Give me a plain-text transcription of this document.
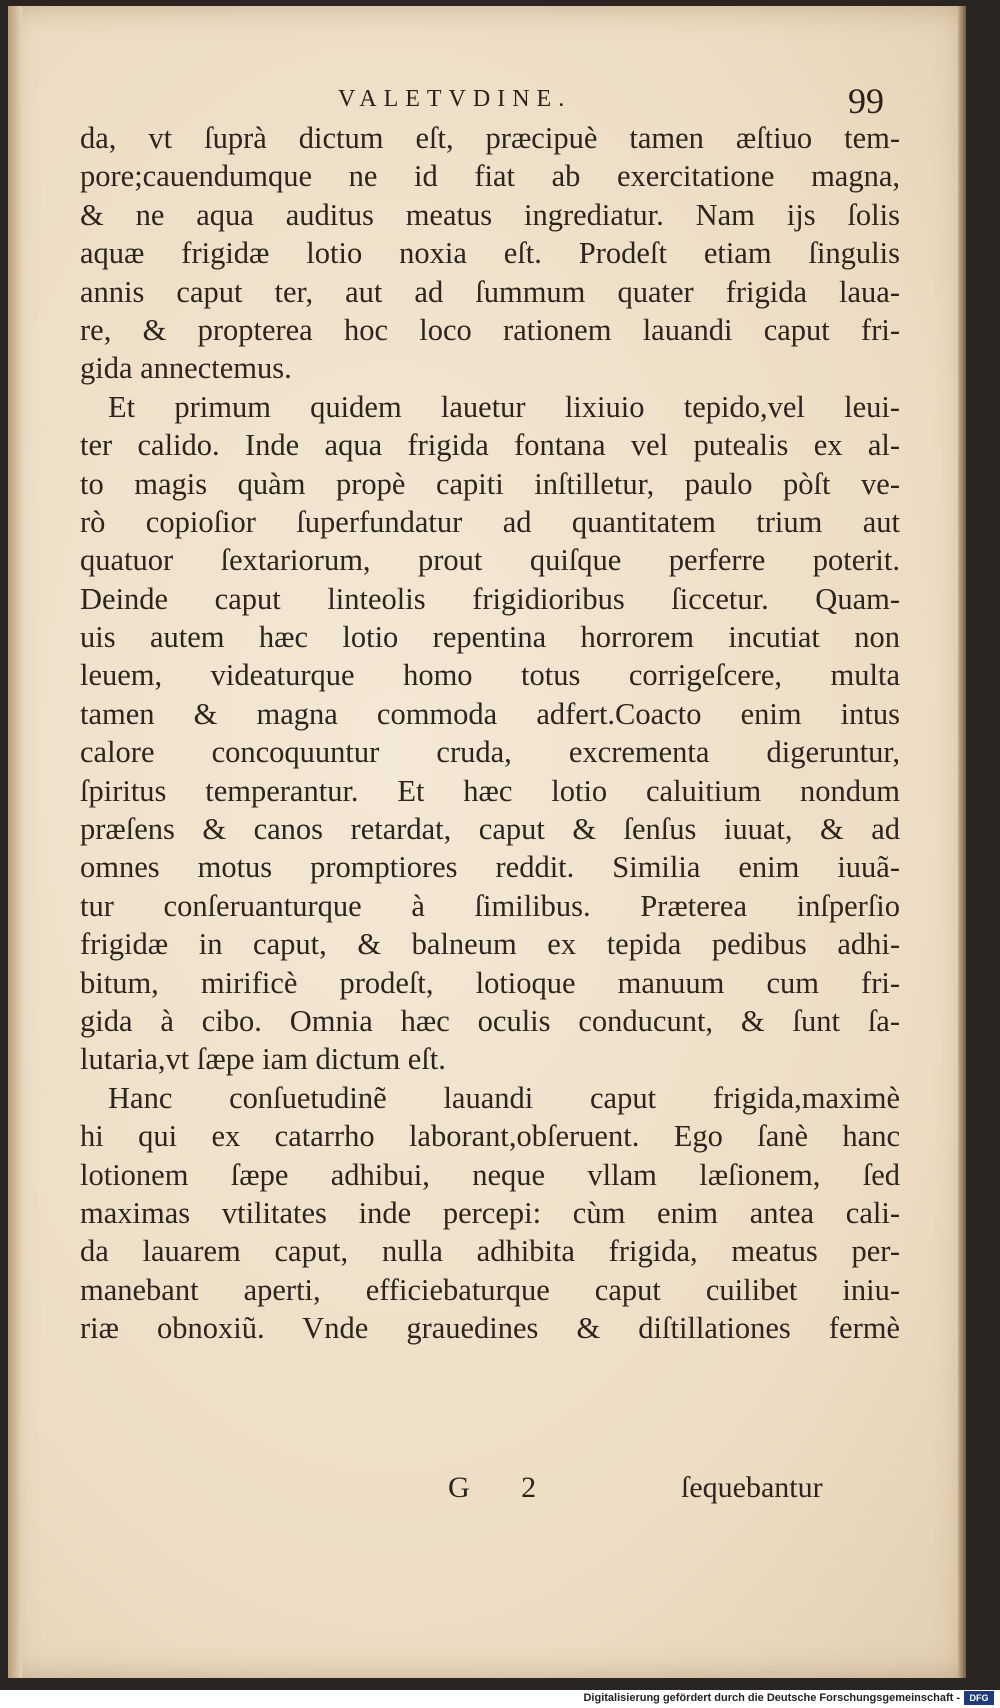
VALETVDINE.	99
da, vt ſuprà dictum eſt, præcipuè tamen æſtiuo tem-
pore;cauendumque ne id fiat ab exercitatione magna,
& ne aqua auditus meatus ingrediatur. Nam ijs ſolis
aquæ frigidæ lotio noxia eſt. Prodeſt etiam ſingulis
annis caput ter, aut ad ſummum quater frigida laua-
re, & propterea hoc loco rationem lauandi caput fri-
gida annectemus.
Et primum quidem lauetur lixiuio tepido,vel leui-
ter calido. Inde aqua frigida fontana vel putealis ex al-
to magis quàm propè capiti inſtilletur, paulo pòſt ve-
rò copioſior ſuperfundatur ad quantitatem trium aut
quatuor ſextariorum, prout quiſque perferre poterit.
Deinde caput linteolis frigidioribus ſiccetur. Quam-
uis autem hæc lotio repentina horrorem incutiat non
leuem, videaturque homo totus corrigeſcere, multa
tamen & magna commoda adfert.Coacto enim intus
calore concoquuntur cruda, excrementa digeruntur,
ſpiritus temperantur. Et hæc lotio caluitium nondum
præſens & canos retardat, caput & ſenſus iuuat, & ad
omnes motus promptiores reddit. Similia enim iuuã-
tur conſeruanturque à ſimilibus. Præterea inſperſio
frigidæ in caput, & balneum ex tepida pedibus adhi-
bitum, mirificè prodeſt, lotioque manuum cum fri-
gida à cibo. Omnia hæc oculis conducunt, & ſunt ſa-
lutaria,vt ſæpe iam dictum eſt.
Hanc conſuetudinẽ lauandi caput frigida,maximè
hi qui ex catarrho laborant,obſeruent. Ego ſanè hanc
lotionem ſæpe adhibui, neque vllam læſionem, ſed
maximas vtilitates inde percepi: cùm enim antea cali-
da lauarem caput, nulla adhibita frigida, meatus per-
manebant aperti, efficiebaturque caput cuilibet iniu-
riæ obnoxiũ. Vnde grauedines & diſtillationes fermè
G 2	ſequebantur
Digitalisierung gefördert durch die Deutsche Forschungsgemeinschaft -	DFG
